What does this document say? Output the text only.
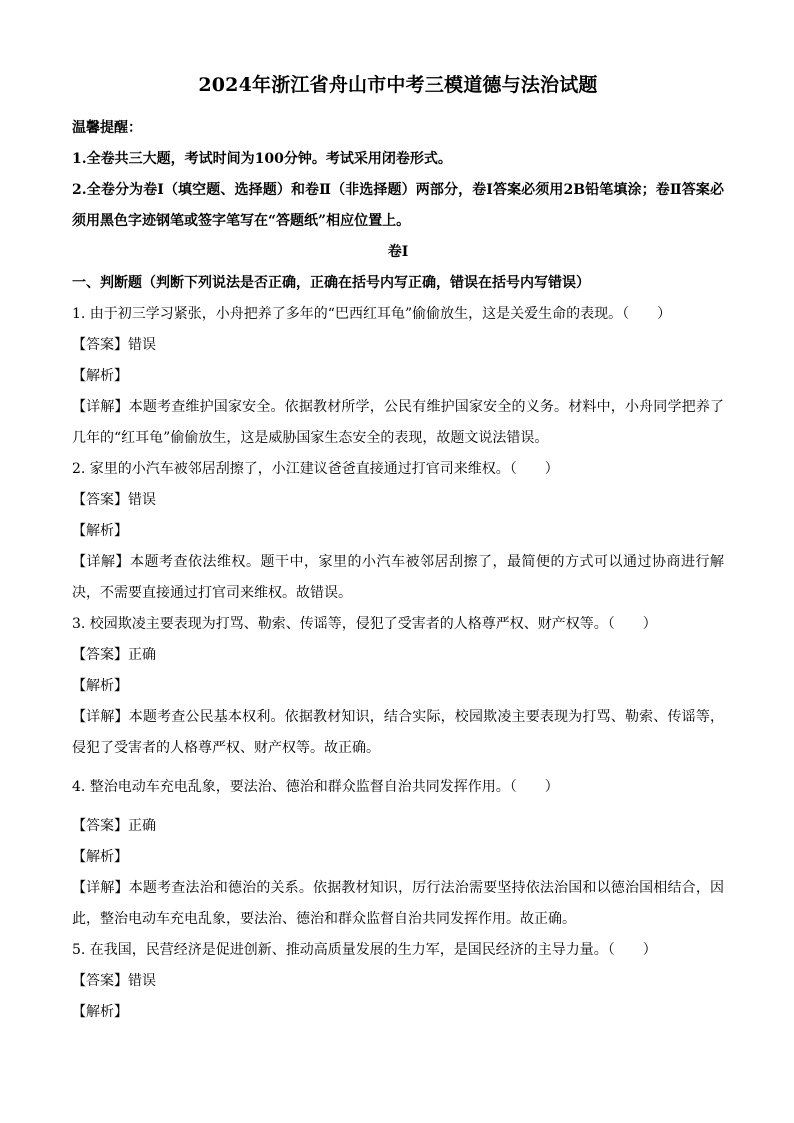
2024年浙江省舟山市中考三模道德与法治试题
温馨提醒：
1.全卷共三大题，考试时间为100分钟。考试采用闭卷形式。
2.全卷分为卷Ⅰ（填空题、选择题）和卷Ⅱ（非选择题）两部分，卷Ⅰ答案必须用2B铅笔填涂；卷Ⅱ答案必须用黑色字迹钢笔或签字笔写在“答题纸”相应位置上。
卷Ⅰ
一、判断题（判断下列说法是否正确，正确在括号内写正确，错误在括号内写错误）
1. 由于初三学习紧张，小舟把养了多年的“巴西红耳龟”偷偷放生，这是关爱生命的表现。（　　）
【答案】错误
【解析】
【详解】本题考查维护国家安全。依据教材所学，公民有维护国家安全的义务。材料中，小舟同学把养了几年的“红耳龟”偷偷放生，这是威胁国家生态安全的表现，故题文说法错误。
2. 家里的小汽车被邻居刮擦了，小江建议爸爸直接通过打官司来维权。（　　）
【答案】错误
【解析】
【详解】本题考查依法维权。题干中，家里的小汽车被邻居刮擦了，最简便的方式可以通过协商进行解决，不需要直接通过打官司来维权。故错误。
3. 校园欺凌主要表现为打骂、勒索、传谣等，侵犯了受害者的人格尊严权、财产权等。（　　）
【答案】正确
【解析】
【详解】本题考查公民基本权利。依据教材知识，结合实际，校园欺凌主要表现为打骂、勒索、传谣等，侵犯了受害者的人格尊严权、财产权等。故正确。
4. 整治电动车充电乱象，要法治、德治和群众监督自治共同发挥作用。（　　）
【答案】正确
【解析】
【详解】本题考查法治和德治的关系。依据教材知识，厉行法治需要坚持依法治国和以德治国相结合，因此，整治电动车充电乱象，要法治、德治和群众监督自治共同发挥作用。故正确。
5. 在我国，民营经济是促进创新、推动高质量发展的生力军，是国民经济的主导力量。（　　）
【答案】错误
【解析】
